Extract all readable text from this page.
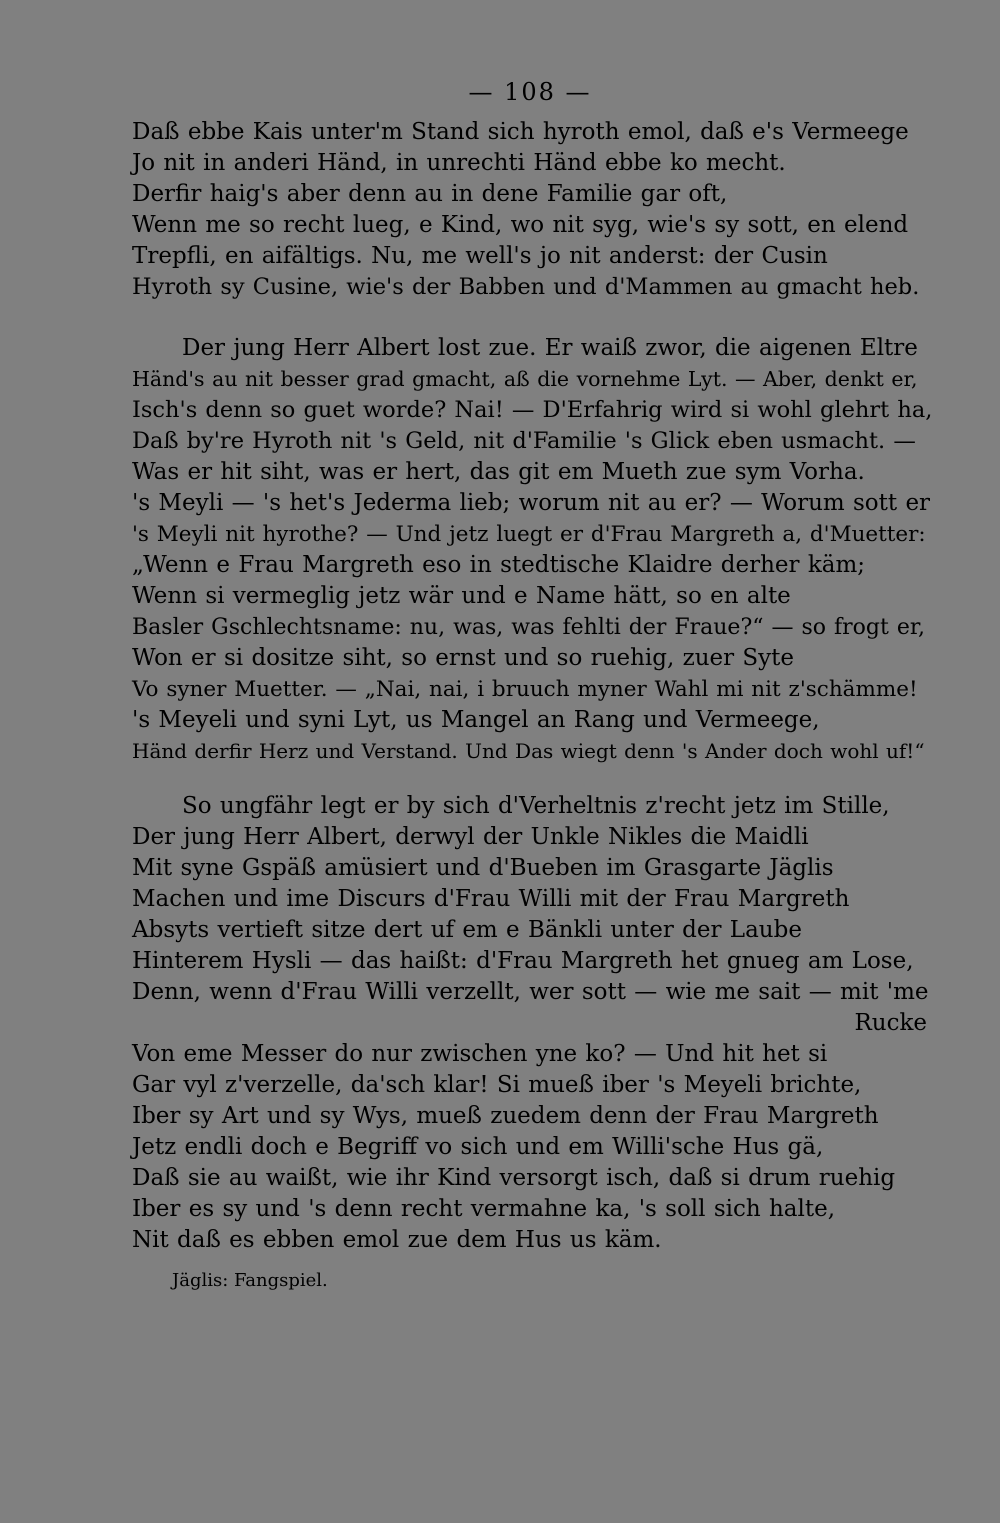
— 108 —
Daß ebbe Kais unter'm Stand sich hyroth emol, daß e's Vermeege
Jo nit in anderi Händ, in unrechti Händ ebbe ko mecht.
Derfir haig's aber denn au in dene Familie gar oft,
Wenn me so recht lueg, e Kind, wo nit syg, wie's sy sott, en elend
Trepfli, en aifältigs. Nu, me well's jo nit anderst: der Cusin
Hyroth sy Cusine, wie's der Babben und d'Mammen au gmacht heb.
Der jung Herr Albert lost zue. Er waiß zwor, die aigenen Eltre
Händ's au nit besser grad gmacht, aß die vornehme Lyt. — Aber, denkt er,
Isch's denn so guet worde? Nai! — D'Erfahrig wird si wohl glehrt ha,
Daß by're Hyroth nit 's Geld, nit d'Familie 's Glick eben usmacht. —
Was er hit siht, was er hert, das git em Mueth zue sym Vorha.
's Meyli — 's het's Jederma lieb; worum nit au er? — Worum sott er
's Meyli nit hyrothe? — Und jetz luegt er d'Frau Margreth a, d'Muetter:
„Wenn e Frau Margreth eso in stedtische Klaidre derher käm;
Wenn si vermeglig jetz wär und e Name hätt, so en alte
Basler Gschlechtsname: nu, was, was fehlti der Fraue?“ — so frogt er,
Won er si dositze siht, so ernst und so ruehig, zuer Syte
Vo syner Muetter. — „Nai, nai, i bruuch myner Wahl mi nit z'schämme!
's Meyeli und syni Lyt, us Mangel an Rang und Vermeege,
Händ derfir Herz und Verstand. Und Das wiegt denn 's Ander doch wohl uf!“
So ungfähr legt er by sich d'Verheltnis z'recht jetz im Stille,
Der jung Herr Albert, derwyl der Unkle Nikles die Maidli
Mit syne Gspäß amüsiert und d'Bueben im Grasgarte Jäglis
Machen und ime Discurs d'Frau Willi mit der Frau Margreth
Absyts vertieft sitze dert uf em e Bänkli unter der Laube
Hinterem Hysli — das haißt: d'Frau Margreth het gnueg am Lose,
Denn, wenn d'Frau Willi verzellt, wer sott — wie me sait — mit 'me
Rucke
Von eme Messer do nur zwischen yne ko? — Und hit het si
Gar vyl z'verzelle, da'sch klar! Si mueß iber 's Meyeli brichte,
Iber sy Art und sy Wys, mueß zuedem denn der Frau Margreth
Jetz endli doch e Begriff vo sich und em Willi'sche Hus gä,
Daß sie au waißt, wie ihr Kind versorgt isch, daß si drum ruehig
Iber es sy und 's denn recht vermahne ka, 's soll sich halte,
Nit daß es ebben emol zue dem Hus us käm.
Jäglis: Fangspiel.
